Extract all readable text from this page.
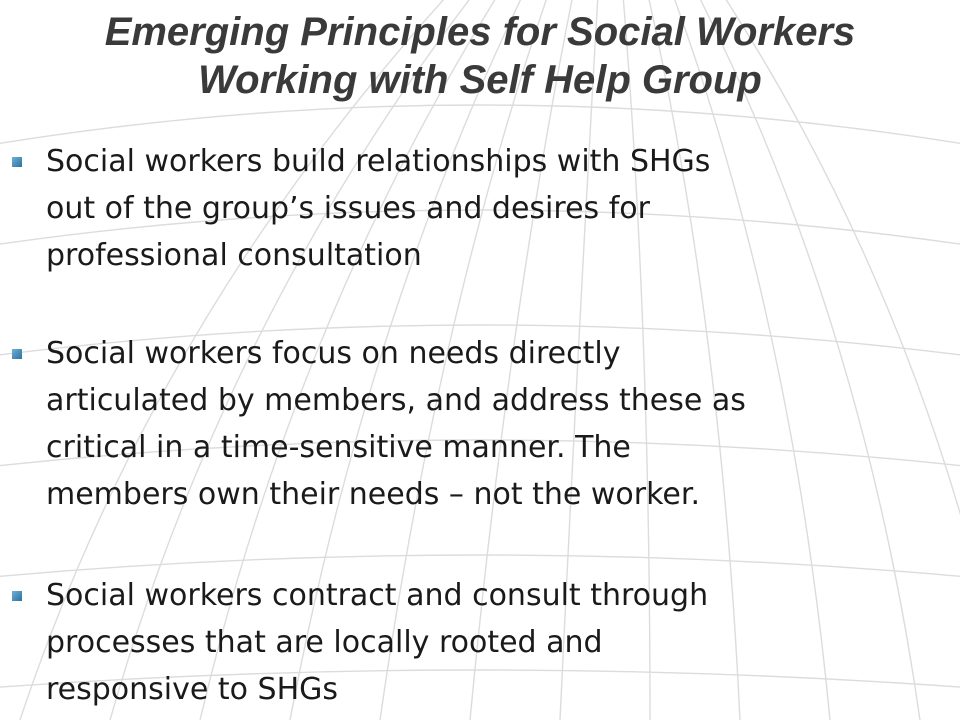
Emerging Principles for Social Workers
Working with Self Help Group
Social workers build relationships with SHGs
out of the group’s issues and desires for
professional consultation
Social workers focus on needs directly
articulated by members, and address these as
critical in a time-sensitive manner. The
members own their needs – not the worker.
Social workers contract and consult through
processes that are locally rooted and
responsive to SHGs
